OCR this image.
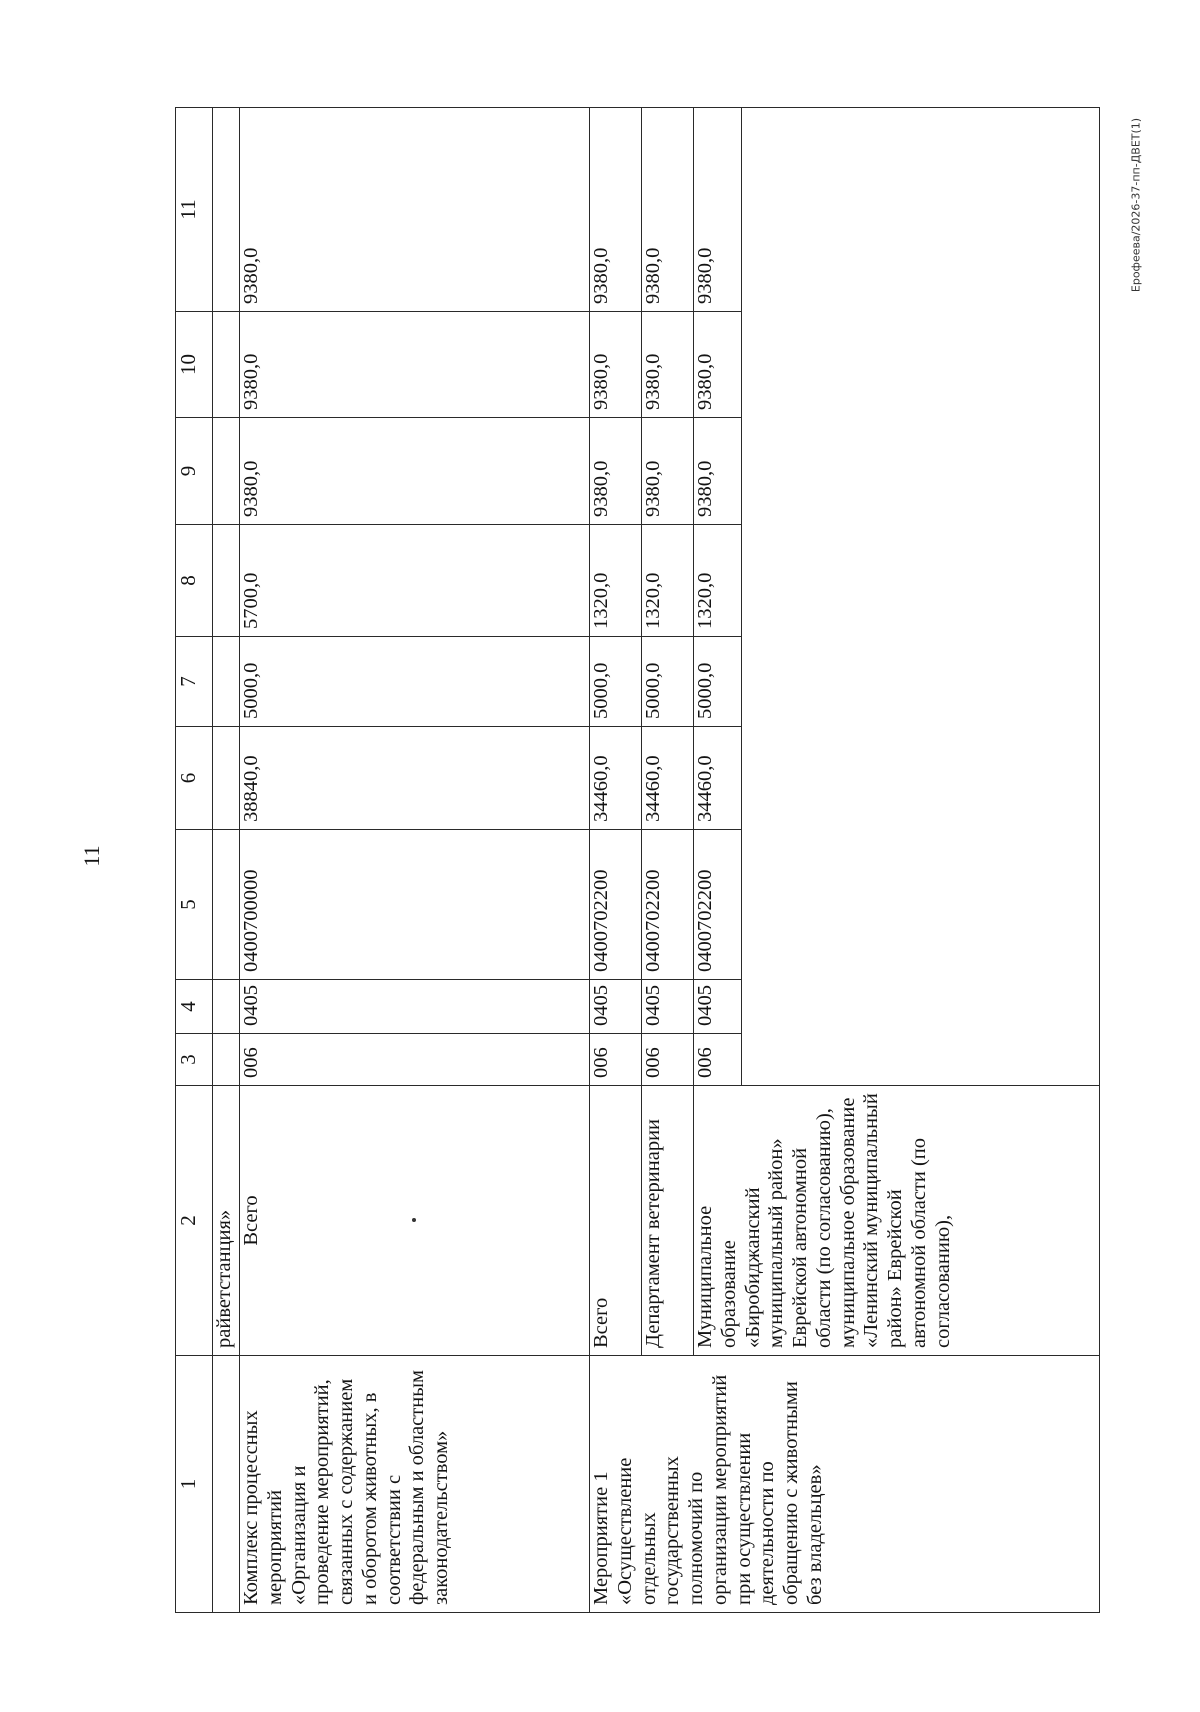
11
Ерофеева/2026-37-пп-ДВЕТ(1)
1	2	3	4	5	6	7	8	9	10	11
	райветстанция»									
Комплекс процессных мероприятий «Организация и проведение мероприятий, связанных с содержанием и оборотом животных, в соответствии с федеральным и областным законодательством»	Всего	006	0405	0400700000	38840,0	5000,0	5700,0	9380,0	9380,0	9380,0
Мероприятие 1 «Осуществление отдельных государственных полномочий по организации мероприятий при осуществлении деятельности по обращению с животными без владельцев»	Всего	006	0405	0400702200	34460,0	5000,0	1320,0	9380,0	9380,0	9380,0
	Департамент ветеринарии	006	0405	0400702200	34460,0	5000,0	1320,0	9380,0	9380,0	9380,0
	Муниципальное образование «Биробиджанский муниципальный район» Еврейской автономной области (по согласованию), муниципальное образование «Ленинский муниципальный район» Еврейской автономной области (по согласованию),	006	0405	0400702200	34460,0	5000,0	1320,0	9380,0	9380,0	9380,0
